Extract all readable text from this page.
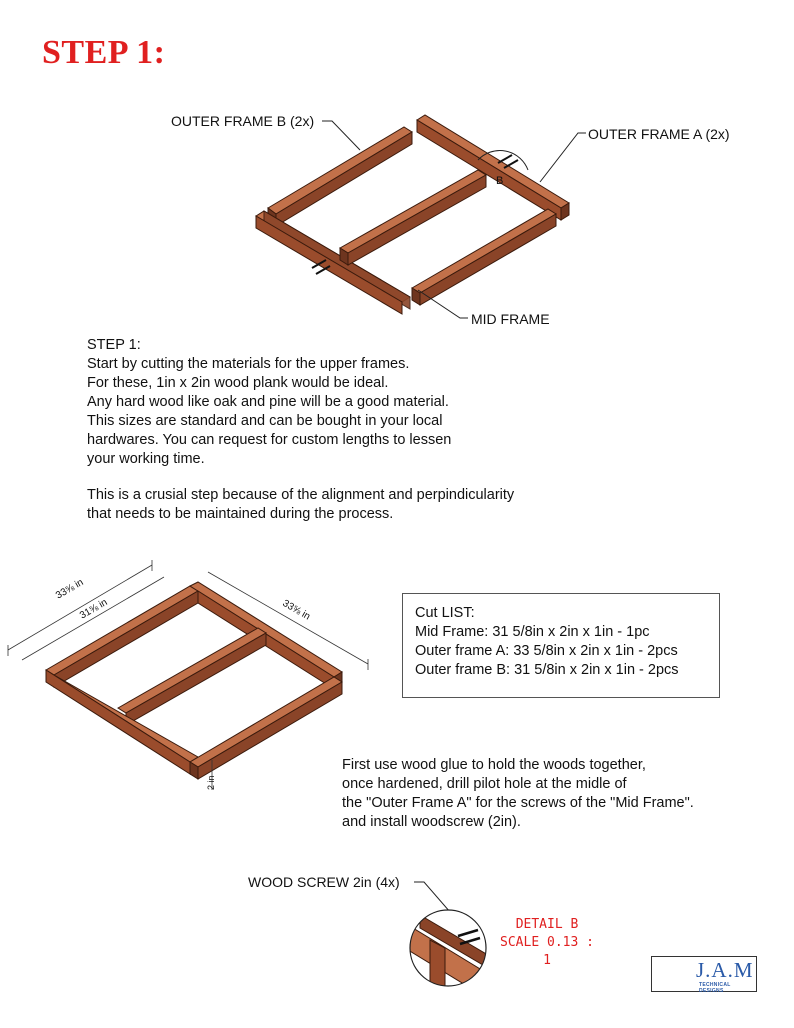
STEP 1:
OUTER FRAME B (2x)
OUTER FRAME A (2x)
B
MID FRAME
WOOD SCREW 2in (4x)
STEP 1:
Start by cutting the materials for the upper frames.
For these, 1in x 2in wood plank would be ideal.
Any hard wood like oak and pine will be a good material.
This sizes are standard and can be bought in your local
hardwares. You can request for custom lengths to lessen
your working time.
This is a crusial step because of the alignment and perpindicularity
that needs to be maintained during the process.
33⅝ in
31⅝ in	33⅝ in
2 in
Cut LIST:
Mid Frame: 31 5/8in x 2in x 1in - 1pc
Outer frame A: 33 5/8in x 2in x 1in - 2pcs
Outer frame B: 31 5/8in x 2in x 1in - 2pcs
First use wood glue to hold the woods together,
once hardened, drill pilot hole at the midle of
the "Outer Frame A" for the screws of the "Mid Frame".
and install woodscrew (2in).
DETAIL B
SCALE 0.13 : 1	J.A.M
TECHNICAL DESIGNS
